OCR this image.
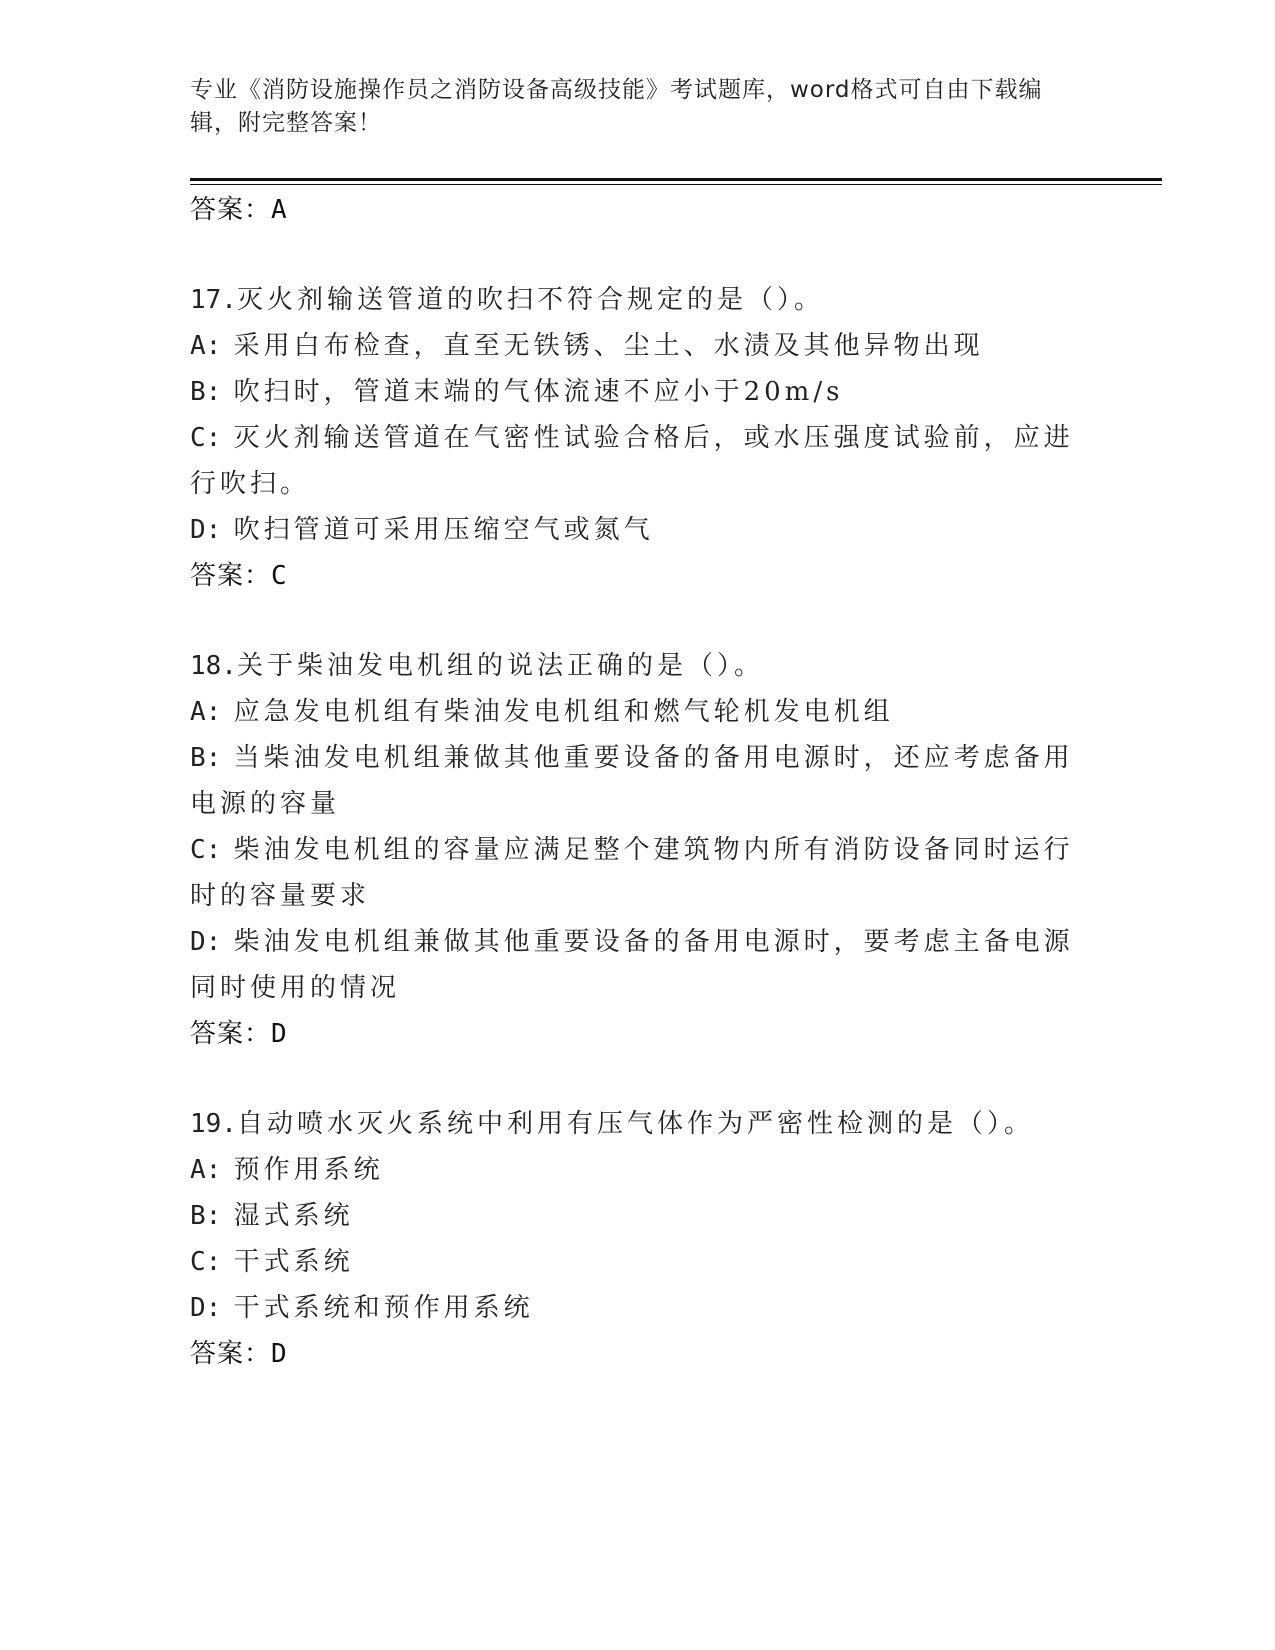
专业《消防设施操作员之消防设备高级技能》考试题库，word格式可自由下载编辑，附完整答案！
答案：A
17.灭火剂输送管道的吹扫不符合规定的是（）。
A: 采用白布检查，直至无铁锈、尘土、水渍及其他异物出现
B: 吹扫时，管道末端的气体流速不应小于20m/s
C: 灭火剂输送管道在气密性试验合格后，或水压强度试验前，应进行吹扫。
D: 吹扫管道可采用压缩空气或氮气
答案：C
18.关于柴油发电机组的说法正确的是（）。
A: 应急发电机组有柴油发电机组和燃气轮机发电机组
B: 当柴油发电机组兼做其他重要设备的备用电源时，还应考虑备用电源的容量
C: 柴油发电机组的容量应满足整个建筑物内所有消防设备同时运行时的容量要求
D: 柴油发电机组兼做其他重要设备的备用电源时，要考虑主备电源同时使用的情况
答案：D
19.自动喷水灭火系统中利用有压气体作为严密性检测的是（）。
A: 预作用系统
B: 湿式系统
C: 干式系统
D: 干式系统和预作用系统
答案：D
